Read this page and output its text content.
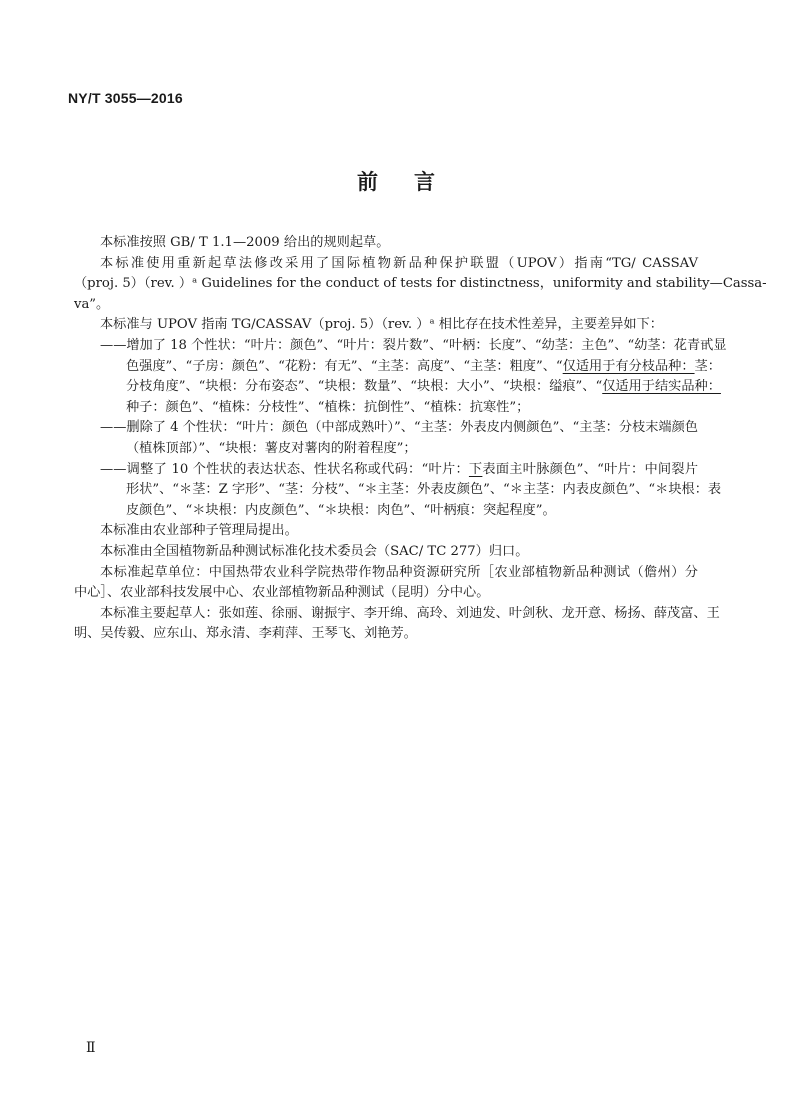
NY/T 3055—2016
前 言
本标准按照 GB/ T 1.1—2009 给出的规则起草。
本标准使用重新起草法修改采用了国际植物新品种保护联盟（UPOV）指南“TG/ CASSAV
（proj. 5）（rev. ）ᵃ Guidelines for the conduct of tests for distinctness，uniformity and stability—Cassa-
va”。
本标准与 UPOV 指南 TG/CASSAV（proj. 5）（rev. ）ᵃ 相比存在技术性差异，主要差异如下：
——增加了 18 个性状：“叶片：颜色”、“叶片：裂片数”、“叶柄：长度”、“幼茎：主色”、“幼茎：花青甙显
色强度”、“子房：颜色”、“花粉：有无”、“主茎：高度”、“主茎：粗度”、“仅适用于有分枝品种：茎：
分枝角度”、“块根：分布姿态”、“块根：数量”、“块根：大小”、“块根：缢痕”、“仅适用于结实品种：
种子：颜色”、“植株：分枝性”、“植株：抗倒性”、“植株：抗寒性”；
——删除了 4 个性状：“叶片：颜色（中部成熟叶）”、“主茎：外表皮内侧颜色”、“主茎：分枝末端颜色
（植株顶部）”、“块根：薯皮对薯肉的附着程度”；
——调整了 10 个性状的表达状态、性状名称或代码：“叶片：下表面主叶脉颜色”、“叶片：中间裂片
形状”、“＊茎：Z 字形”、“茎：分枝”、“＊主茎：外表皮颜色”、“＊主茎：内表皮颜色”、“＊块根：表
皮颜色”、“＊块根：内皮颜色”、“＊块根：肉色”、“叶柄痕：突起程度”。
本标准由农业部种子管理局提出。
本标准由全国植物新品种测试标准化技术委员会（SAC/ TC 277）归口。
本标准起草单位：中国热带农业科学院热带作物品种资源研究所［农业部植物新品种测试（儋州）分
中心］、农业部科技发展中心、农业部植物新品种测试（昆明）分中心。
本标准主要起草人：张如莲、徐丽、谢振宇、李开绵、高玲、刘迪发、叶剑秋、龙开意、杨扬、薛茂富、王
明、吴传毅、应东山、郑永清、李莉萍、王琴飞、刘艳芳。
Ⅱ
